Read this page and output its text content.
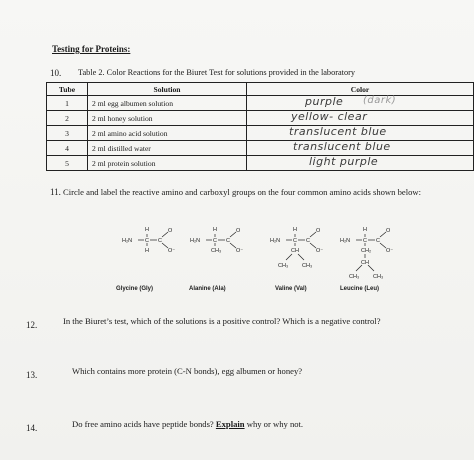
Testing for Proteins:
10. Table 2. Color Reactions for the Biuret Test for solutions provided in the laboratory
Tube	Solution	Color
1	2 ml egg albumen solution	purple (dark)

2	2 ml honey solution	yellow- clear

3	2 ml amino acid solution	translucent blue

4	2 ml distilled water	translucent blue

5	2 ml protein solution	light purple
11. Circle and label the reactive amino and carboxyl groups on the four common amino acids shown below:
H
H₂N C C
O
O⁻
H
H
H₂N C C
O
O⁻
CH₃
H
H₂N C C
O
O⁻
CH
CH₃	CH₃
H
H₂N C C
O
O⁻
CH₂
CH
CH₃	CH₃
Glycine (Gly)	Alanine (Ala)	Valine (Val)	Leucine (Leu)
12.	In the Biuret’s test, which of the solutions is a positive control? Which is a negative control?
13.	Which contains more protein (C-N bonds), egg albumen or honey?
14.	Do free amino acids have peptide bonds? Explain why or why not.
